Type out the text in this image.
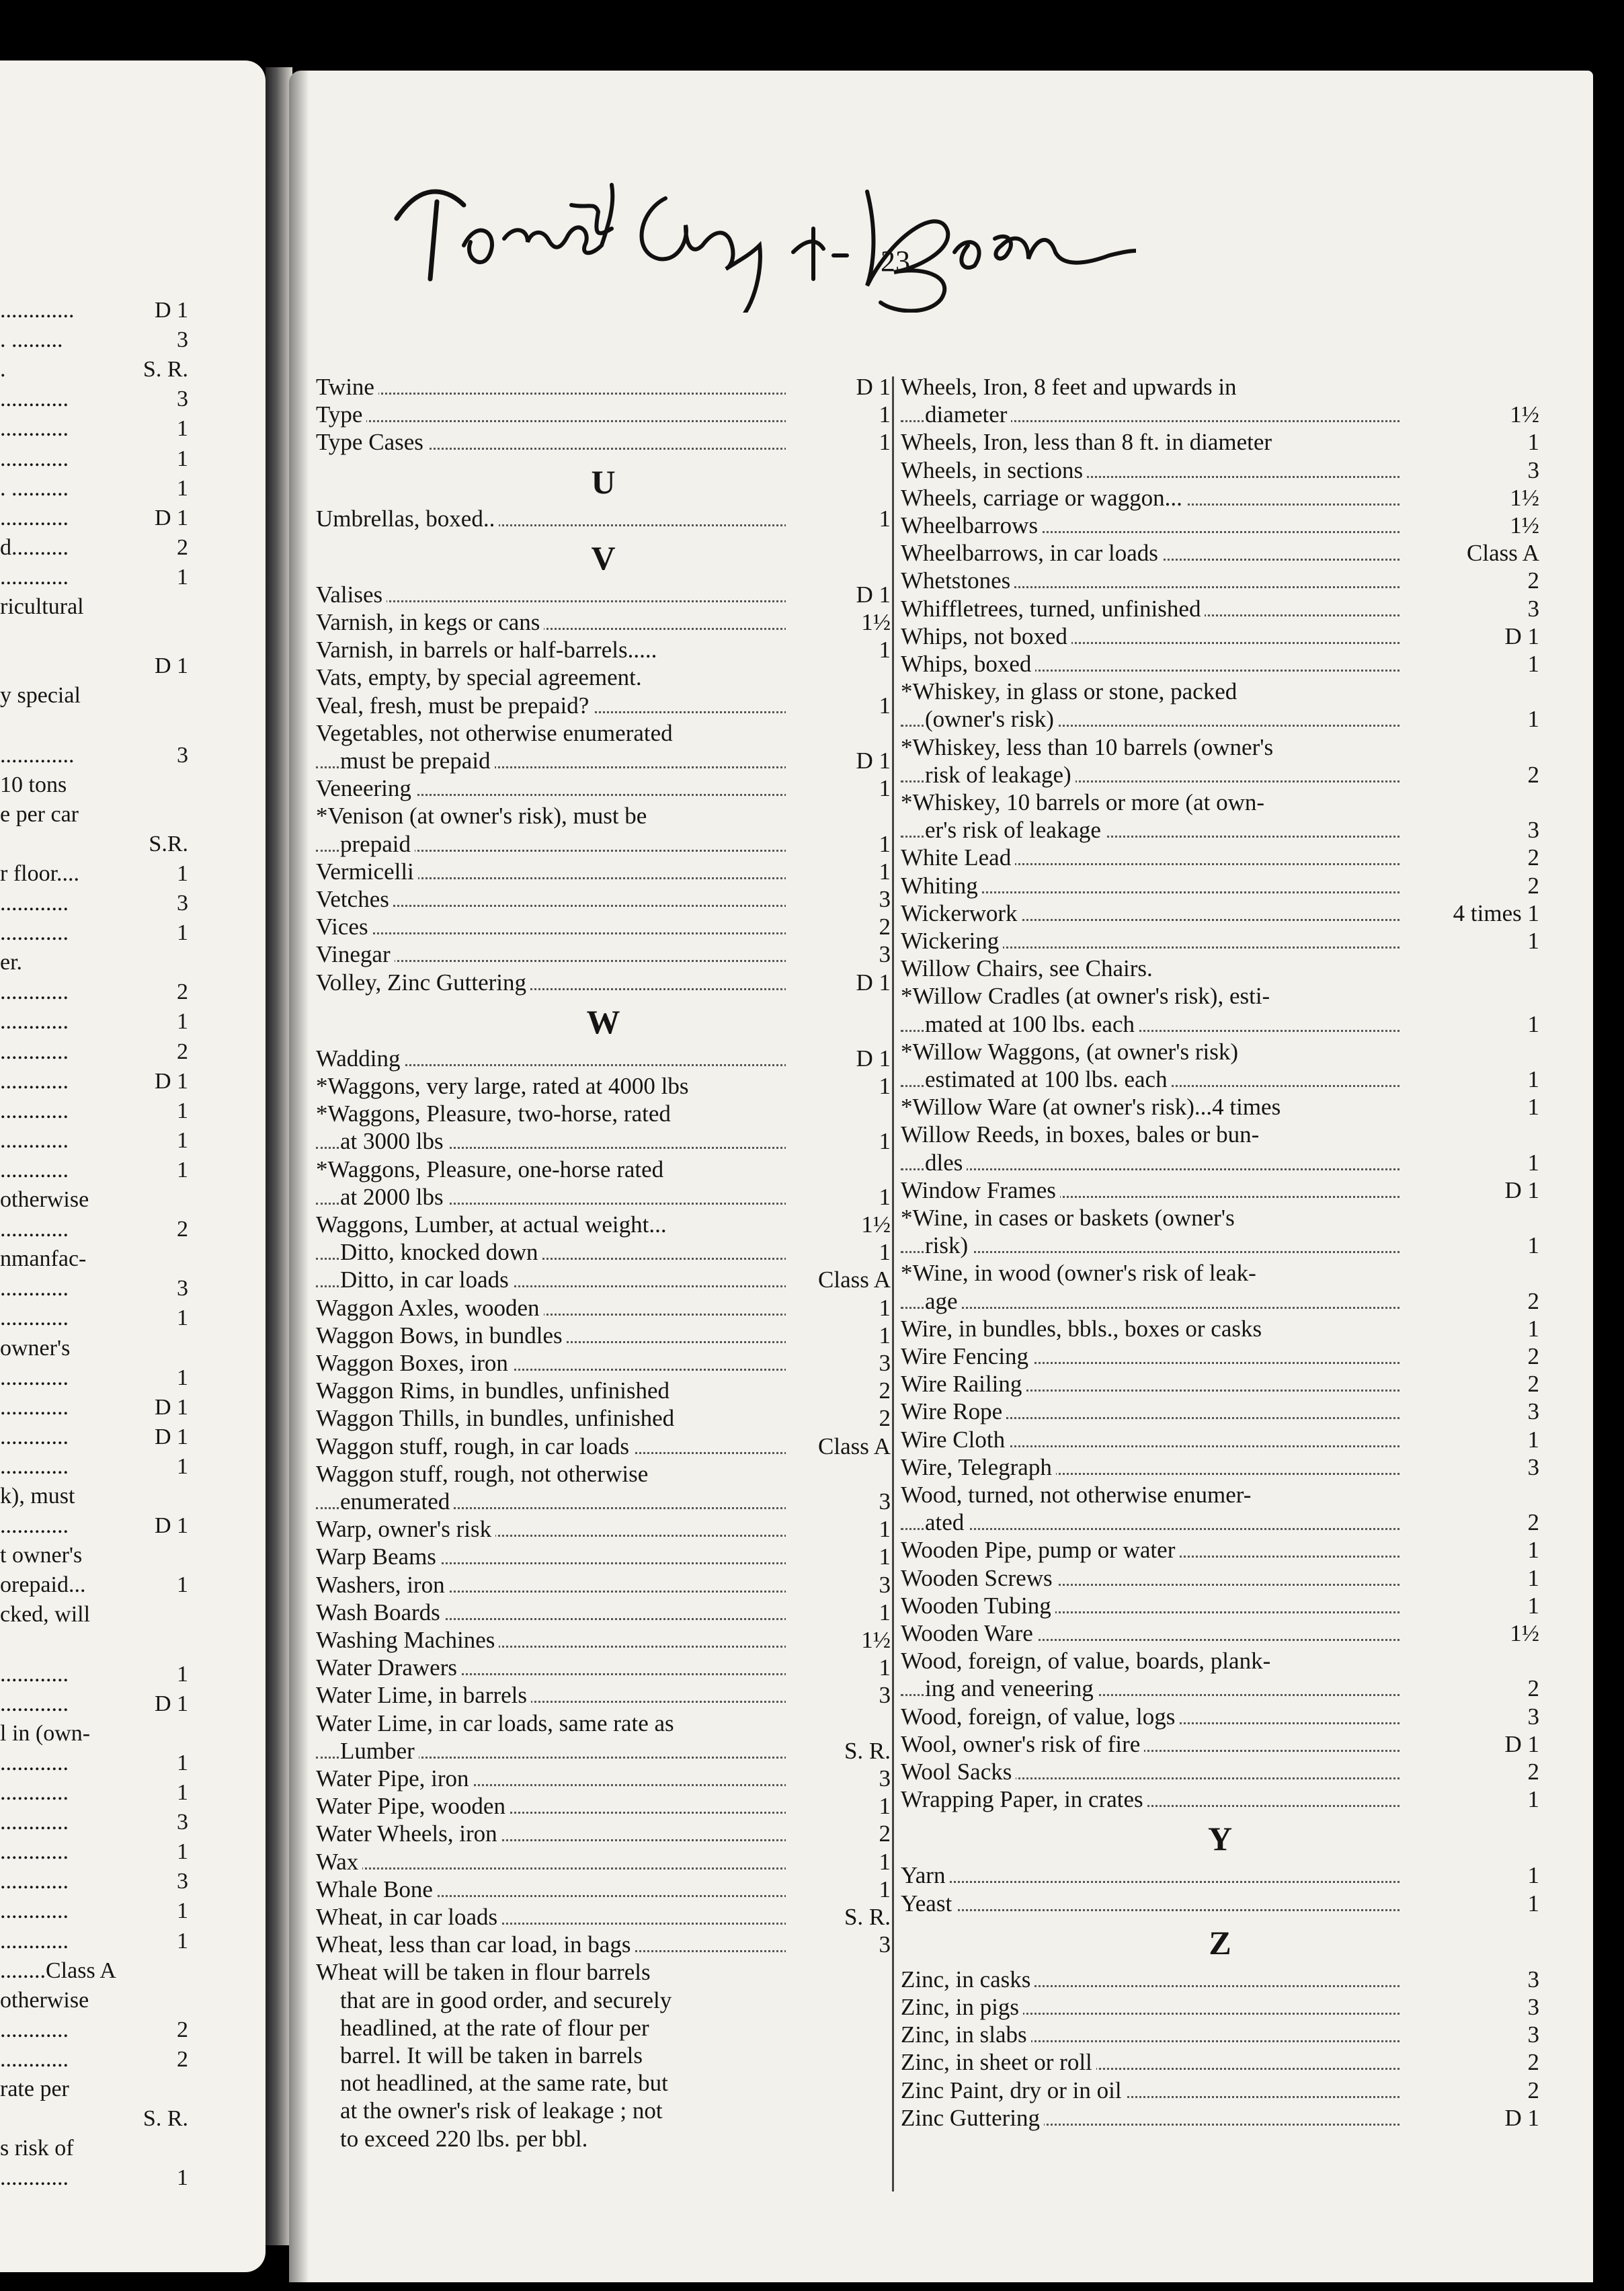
.............	D 1
. .........	3
.	S. R.
............	3
............	1
............	1
. ..........	1
............	D 1
d..........	2
............	1
ricultural
D 1
y special
.............	3
10 tons
e per car
S.R.
r floor....	1
............	3
............	1
er.
............	2
............	1
............	2
............	D 1
............	1
............	1
............	1
otherwise
............	2
nmanfac-
............	3
............	1
owner's
............	1
............	D 1
............	D 1
............	1
k), must
............	D 1
t owner's
orepaid...	1
cked, will
............	1
............	D 1
l in (own-
............	1
............	1
............	3
............	1
............	3
............	1
............	1
........Class A
otherwise
............	2
............	2
rate per
S. R.
s risk of
............	1
23
Twine	D 1
Type	1
Type Cases	1
U
Umbrellas, boxed..	1
V
Valises	D 1
Varnish, in kegs or cans	1½
Varnish, in barrels or half-barrels.....	1
Vats, empty, by special agreement.
Veal, fresh, must be prepaid?	1
Vegetables, not otherwise enumerated
must be prepaid	D 1
Veneering	1
*Venison (at owner's risk), must be
prepaid	1
Vermicelli	1
Vetches	3
Vices	2
Vinegar	3
Volley, Zinc Guttering	D 1
W
Wadding	D 1
*Waggons, very large, rated at 4000 lbs	1
*Waggons, Pleasure, two-horse, rated
at 3000 lbs	1
*Waggons, Pleasure, one-horse rated
at 2000 lbs	1
Waggons, Lumber, at actual weight...	1½
Ditto, knocked down	1
Ditto, in car loads	Class A
Waggon Axles, wooden	1
Waggon Bows, in bundles	1
Waggon Boxes, iron	3
Waggon Rims, in bundles, unfinished	2
Waggon Thills, in bundles, unfinished	2
Waggon stuff, rough, in car loads	Class A
Waggon stuff, rough, not otherwise
enumerated	3
Warp, owner's risk	1
Warp Beams	1
Washers, iron	3
Wash Boards	1
Washing Machines	1½
Water Drawers	1
Water Lime, in barrels	3
Water Lime, in car loads, same rate as
Lumber	S. R.
Water Pipe, iron	3
Water Pipe, wooden	1
Water Wheels, iron	2
Wax	1
Whale Bone	1
Wheat, in car loads	S. R.
Wheat, less than car load, in bags	3
Wheat will be taken in flour barrels
that are in good order, and securely
headlined, at the rate of flour per
barrel. It will be taken in barrels
not headlined, at the same rate, but
at the owner's risk of leakage ; not
to exceed 220 lbs. per bbl.
Wheels, Iron, 8 feet and upwards in
diameter	1½
Wheels, Iron, less than 8 ft. in diameter	1
Wheels, in sections	3
Wheels, carriage or waggon...	1½
Wheelbarrows	1½
Wheelbarrows, in car loads	Class A
Whetstones	2
Whiffletrees, turned, unfinished	3
Whips, not boxed	D 1
Whips, boxed	1
*Whiskey, in glass or stone, packed
(owner's risk)	1
*Whiskey, less than 10 barrels (owner's
risk of leakage)	2
*Whiskey, 10 barrels or more (at own-
er's risk of leakage	3
White Lead	2
Whiting	2
Wickerwork	4 times 1
Wickering	1
Willow Chairs, see Chairs.
*Willow Cradles (at owner's risk), esti-
mated at 100 lbs. each	1
*Willow Waggons, (at owner's risk)
estimated at 100 lbs. each	1
*Willow Ware (at owner's risk)...4 times	1
Willow Reeds, in boxes, bales or bun-
dles	1
Window Frames	D 1
*Wine, in cases or baskets (owner's
risk)	1
*Wine, in wood (owner's risk of leak-
age	2
Wire, in bundles, bbls., boxes or casks	1
Wire Fencing	2
Wire Railing	2
Wire Rope	3
Wire Cloth	1
Wire, Telegraph	3
Wood, turned, not otherwise enumer-
ated	2
Wooden Pipe, pump or water	1
Wooden Screws	1
Wooden Tubing	1
Wooden Ware	1½
Wood, foreign, of value, boards, plank-
ing and veneering	2
Wood, foreign, of value, logs	3
Wool, owner's risk of fire	D 1
Wool Sacks	2
Wrapping Paper, in crates	1
Y
Yarn	1
Yeast	1
Z
Zinc, in casks	3
Zinc, in pigs	3
Zinc, in slabs	3
Zinc, in sheet or roll	2
Zinc Paint, dry or in oil	2
Zinc Guttering	D 1
